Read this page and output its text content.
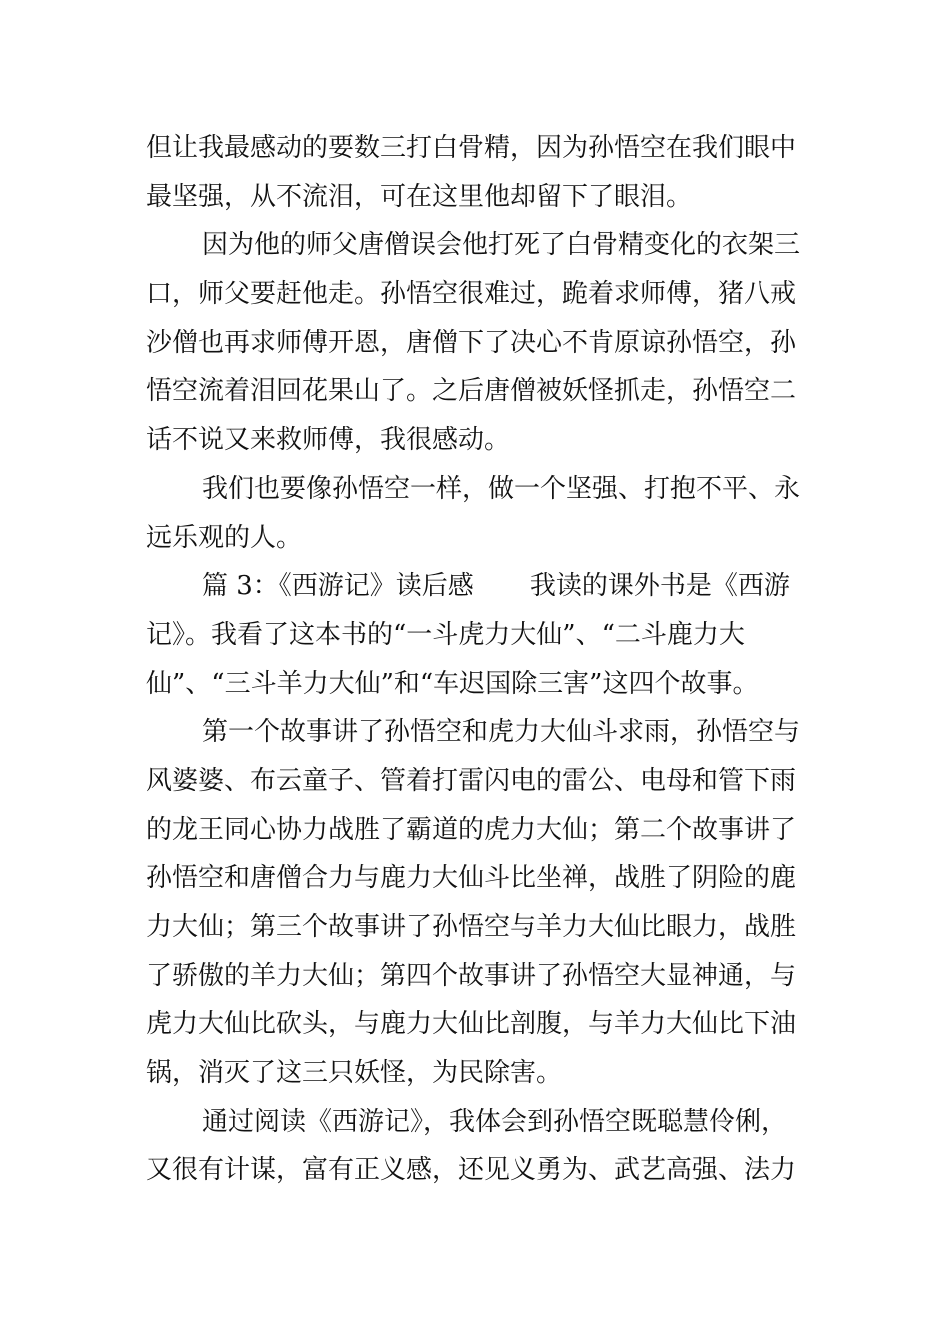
但让我最感动的要数三打白骨精，因为孙悟空在我们眼中
最坚强，从不流泪，可在这里他却留下了眼泪。
因为他的师父唐僧误会他打死了白骨精变化的衣架三
口，师父要赶他走。孙悟空很难过，跪着求师傅，猪八戒
沙僧也再求师傅开恩，唐僧下了决心不肯原谅孙悟空，孙
悟空流着泪回花果山了。之后唐僧被妖怪抓走，孙悟空二
话不说又来救师傅，我很感动。
我们也要像孙悟空一样，做一个坚强、打抱不平、永
远乐观的人。
篇 3：《西游记》读后感 我读的课外书是《西游
记》。我看了这本书的“一斗虎力大仙”、“二斗鹿力大
仙”、“三斗羊力大仙”和“车迟国除三害”这四个故事。
第一个故事讲了孙悟空和虎力大仙斗求雨，孙悟空与
风婆婆、布云童子、管着打雷闪电的雷公、电母和管下雨
的龙王同心协力战胜了霸道的虎力大仙；第二个故事讲了
孙悟空和唐僧合力与鹿力大仙斗比坐禅，战胜了阴险的鹿
力大仙；第三个故事讲了孙悟空与羊力大仙比眼力，战胜
了骄傲的羊力大仙；第四个故事讲了孙悟空大显神通，与
虎力大仙比砍头，与鹿力大仙比剖腹，与羊力大仙比下油
锅，消灭了这三只妖怪，为民除害。
通过阅读《西游记》，我体会到孙悟空既聪慧伶俐，
又很有计谋，富有正义感，还见义勇为、武艺高强、法力
